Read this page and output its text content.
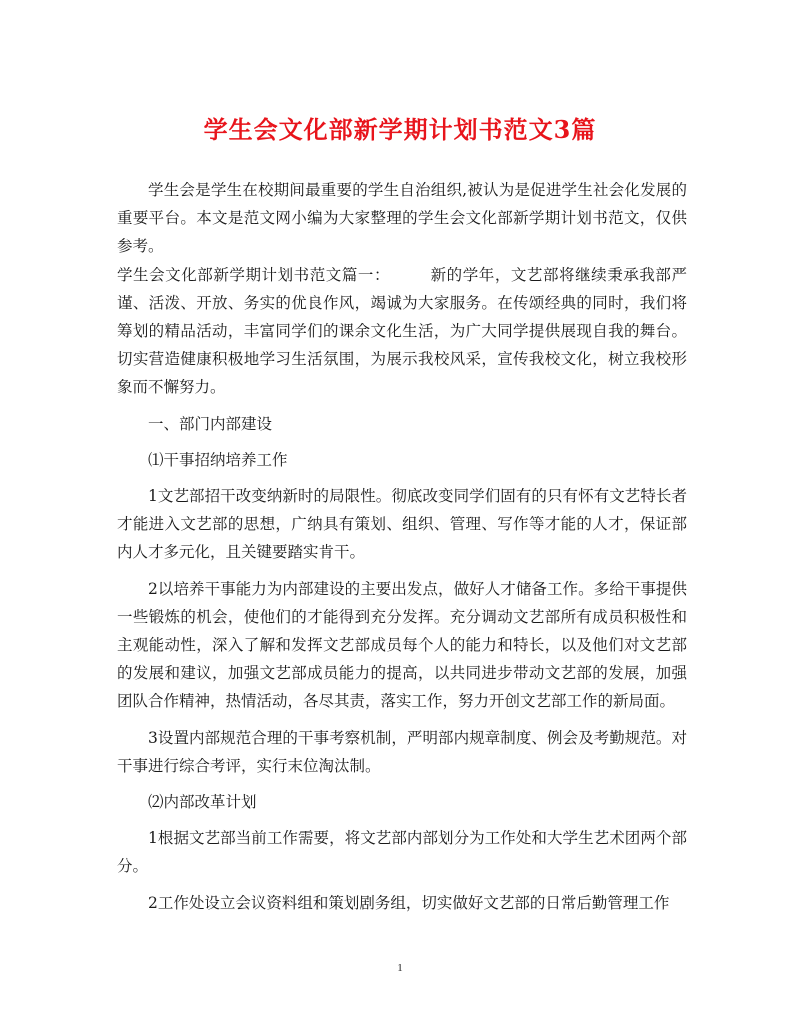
学生会文化部新学期计划书范文3篇

学生会是学生在校期间最重要的学生自治组织,被认为是促进学生社会化发展的重要平台。本文是范文网小编为大家整理的学生会文化部新学期计划书范文，仅供参考。

学生会文化部新学期计划书范文篇一：	新的学年，文艺部将继续秉承我部严谨、活泼、开放、务实的优良作风，竭诚为大家服务。在传颂经典的同时，我们将筹划的精品活动，丰富同学们的课余文化生活，为广大同学提供展现自我的舞台。切实营造健康积极地学习生活氛围，为展示我校风采，宣传我校文化，树立我校形象而不懈努力。

一、部门内部建设

⑴干事招纳培养工作

1文艺部招干改变纳新时的局限性。彻底改变同学们固有的只有怀有文艺特长者才能进入文艺部的思想，广纳具有策划、组织、管理、写作等才能的人才，保证部内人才多元化，且关键要踏实肯干。

2以培养干事能力为内部建设的主要出发点，做好人才储备工作。多给干事提供一些锻炼的机会，使他们的才能得到充分发挥。充分调动文艺部所有成员积极性和主观能动性，深入了解和发挥文艺部成员每个人的能力和特长，以及他们对文艺部的发展和建议，加强文艺部成员能力的提高，以共同进步带动文艺部的发展，加强团队合作精神，热情活动，各尽其责，落实工作，努力开创文艺部工作的新局面。

3设置内部规范合理的干事考察机制，严明部内规章制度、例会及考勤规范。对干事进行综合考评，实行末位淘汰制。

⑵内部改革计划

1根据文艺部当前工作需要，将文艺部内部划分为工作处和大学生艺术团两个部分。

2工作处设立会议资料组和策划剧务组，切实做好文艺部的日常后勤管理工作

1
